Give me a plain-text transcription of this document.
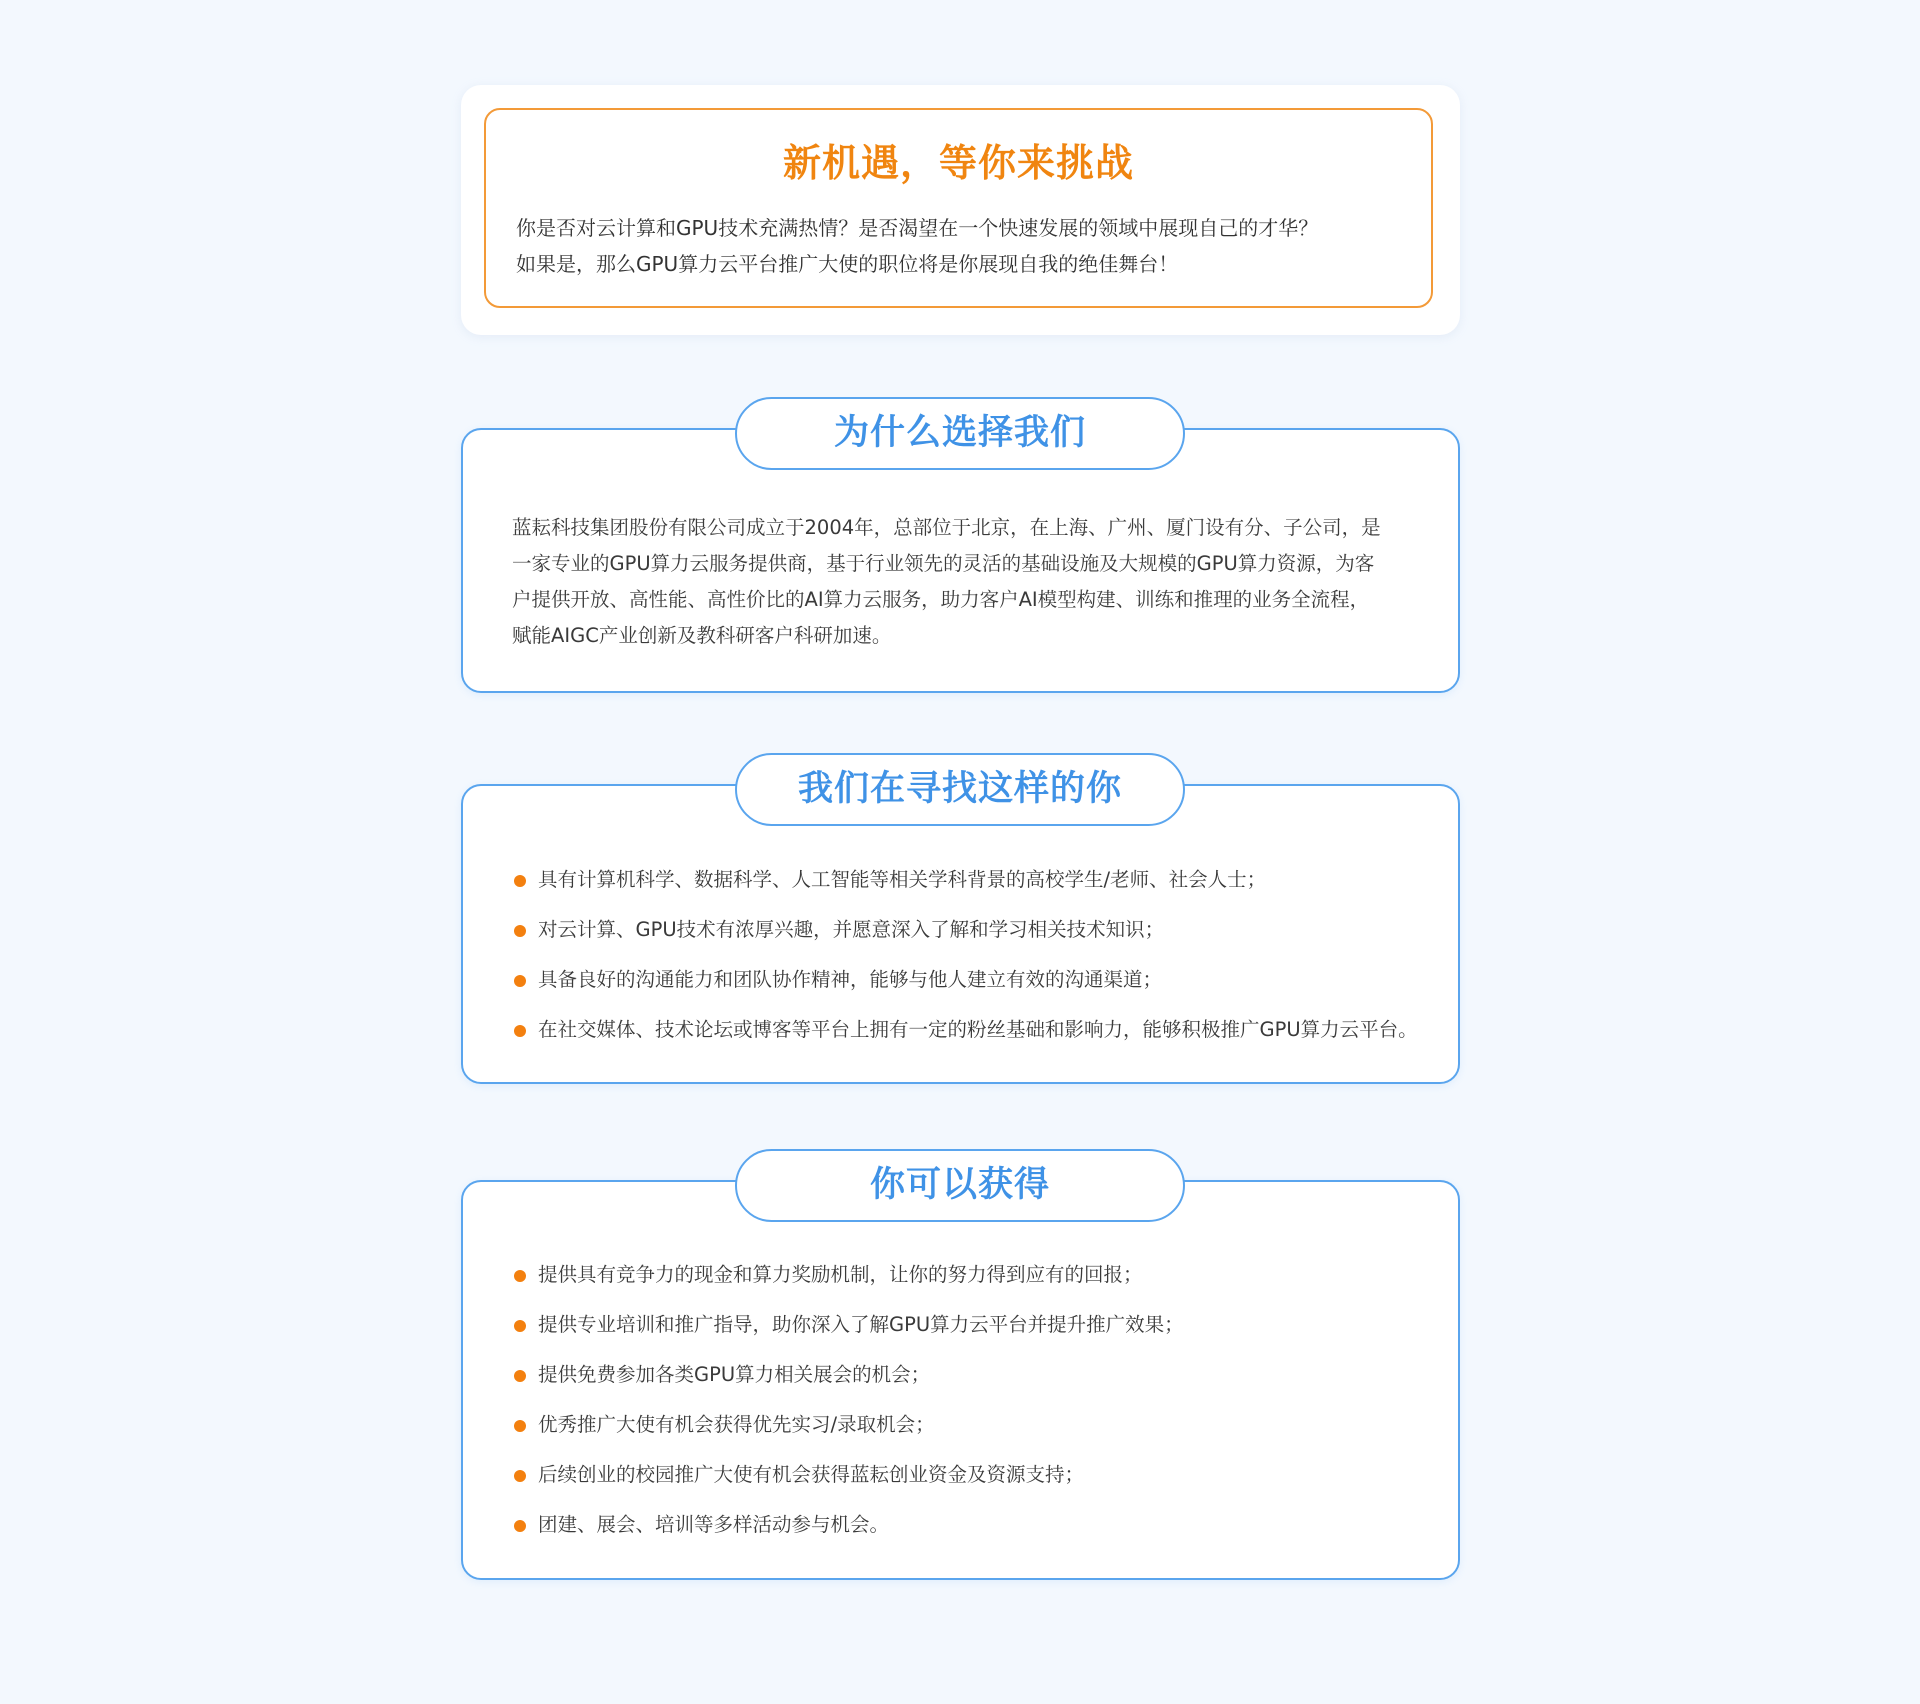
新机遇，等你来挑战

你是否对云计算和GPU技术充满热情？是否渴望在一个快速发展的领域中展现自己的才华？

如果是，那么GPU算力云平台推广大使的职位将是你展现自我的绝佳舞台！

为什么选择我们

蓝耘科技集团股份有限公司成立于2004年，总部位于北京，在上海、广州、厦门设有分、子公司，是

一家专业的GPU算力云服务提供商，基于行业领先的灵活的基础设施及大规模的GPU算力资源，为客

户提供开放、高性能、高性价比的AI算力云服务，助力客户AI模型构建、训练和推理的业务全流程，

赋能AIGC产业创新及教科研客户科研加速。

我们在寻找这样的你
具有计算机科学、数据科学、人工智能等相关学科背景的高校学生/老师、社会人士；
对云计算、GPU技术有浓厚兴趣，并愿意深入了解和学习相关技术知识；
具备良好的沟通能力和团队协作精神，能够与他人建立有效的沟通渠道；
在社交媒体、技术论坛或博客等平台上拥有一定的粉丝基础和影响力，能够积极推广GPU算力云平台。
你可以获得
提供具有竞争力的现金和算力奖励机制，让你的努力得到应有的回报；
提供专业培训和推广指导，助你深入了解GPU算力云平台并提升推广效果；
提供免费参加各类GPU算力相关展会的机会；
优秀推广大使有机会获得优先实习/录取机会；
后续创业的校园推广大使有机会获得蓝耘创业资金及资源支持；
团建、展会、培训等多样活动参与机会。
